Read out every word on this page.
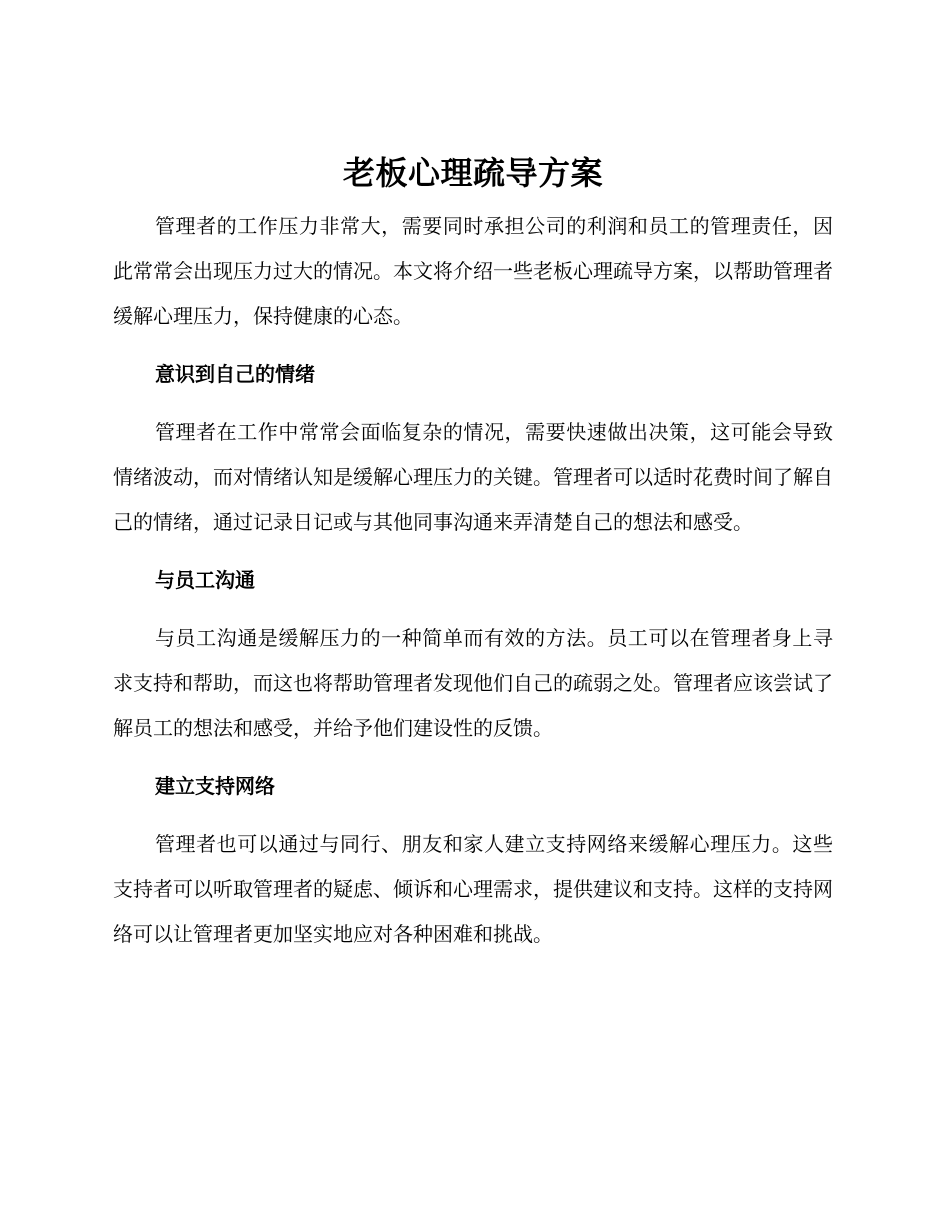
老板心理疏导方案

管理者的工作压力非常大，需要同时承担公司的利润和员工的管理责任，因此常常会出现压力过大的情况。本文将介绍一些老板心理疏导方案，以帮助管理者缓解心理压力，保持健康的心态。

意识到自己的情绪

管理者在工作中常常会面临复杂的情况，需要快速做出决策，这可能会导致情绪波动，而对情绪认知是缓解心理压力的关键。管理者可以适时花费时间了解自己的情绪，通过记录日记或与其他同事沟通来弄清楚自己的想法和感受。

与员工沟通

与员工沟通是缓解压力的一种简单而有效的方法。员工可以在管理者身上寻求支持和帮助，而这也将帮助管理者发现他们自己的疏弱之处。管理者应该尝试了解员工的想法和感受，并给予他们建设性的反馈。

建立支持网络

管理者也可以通过与同行、朋友和家人建立支持网络来缓解心理压力。这些支持者可以听取管理者的疑虑、倾诉和心理需求，提供建议和支持。这样的支持网络可以让管理者更加坚实地应对各种困难和挑战。
